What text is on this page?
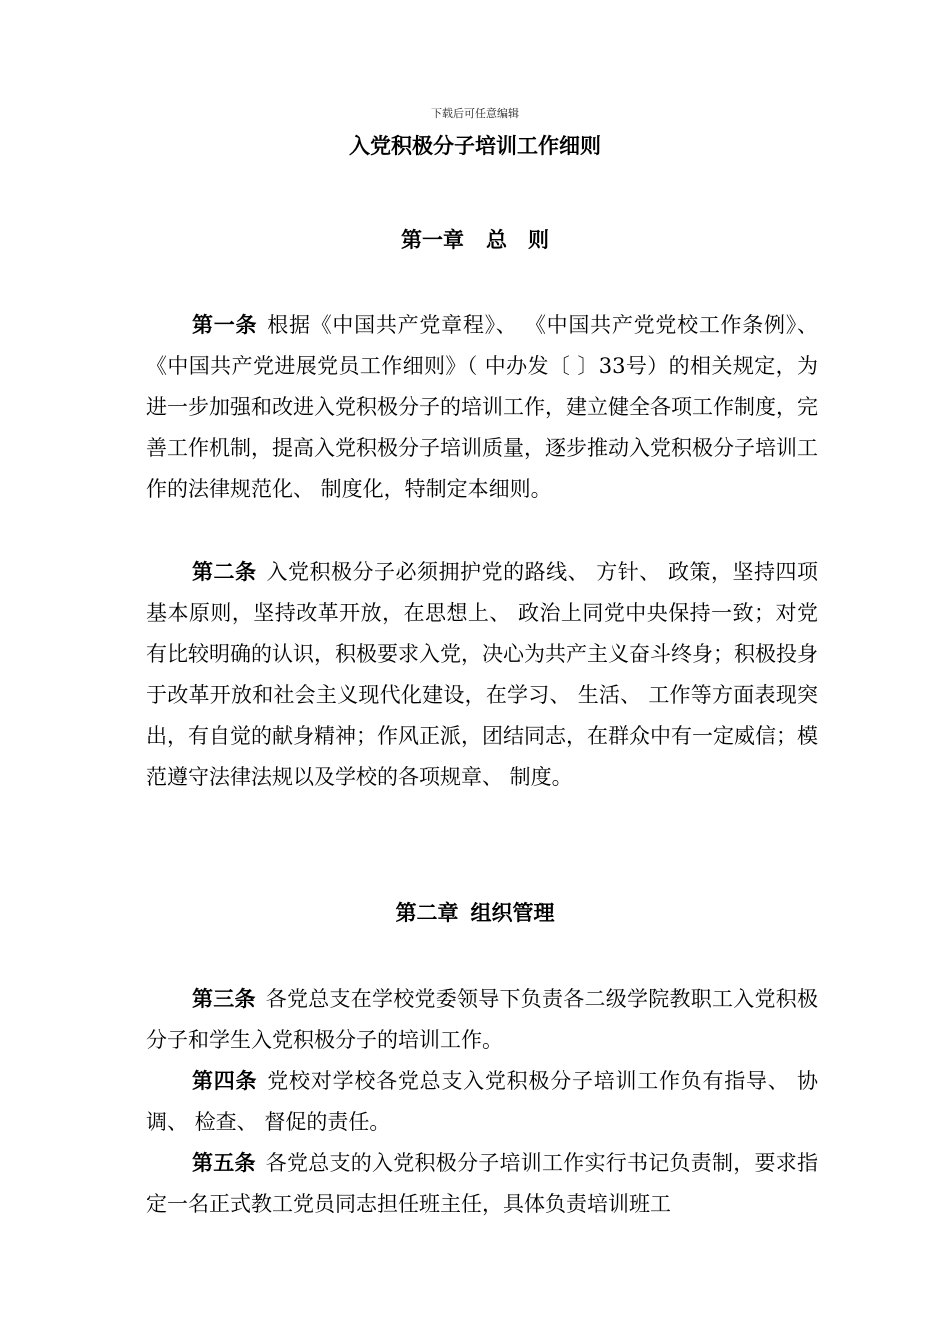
下载后可任意编辑
入党积极分子培训工作细则
第一章 总　则

第一条 根据《中国共产党章程》、 《中国共产党党校工作条例》、 《中国共产党进展党员工作细则》（ 中办发〔 〕33号）的相关规定，为进一步加强和改进入党积极分子的培训工作，建立健全各项工作制度，完善工作机制，提高入党积极分子培训质量，逐步推动入党积极分子培训工作的法律规范化、 制度化，特制定本细则。

第二条 入党积极分子必须拥护党的路线、 方针、 政策，坚持四项基本原则，坚持改革开放，在思想上、 政治上同党中央保持一致；对党有比较明确的认识，积极要求入党，决心为共产主义奋斗终身；积极投身于改革开放和社会主义现代化建设，在学习、 生活、 工作等方面表现突出，有自觉的献身精神；作风正派，团结同志，在群众中有一定威信；模范遵守法律法规以及学校的各项规章、 制度。

第二章 组织管理

第三条 各党总支在学校党委领导下负责各二级学院教职工入党积极分子和学生入党积极分子的培训工作。

第四条 党校对学校各党总支入党积极分子培训工作负有指导、 协调、 检查、 督促的责任。

第五条 各党总支的入党积极分子培训工作实行书记负责制，要求指定一名正式教工党员同志担任班主任，具体负责培训班工
